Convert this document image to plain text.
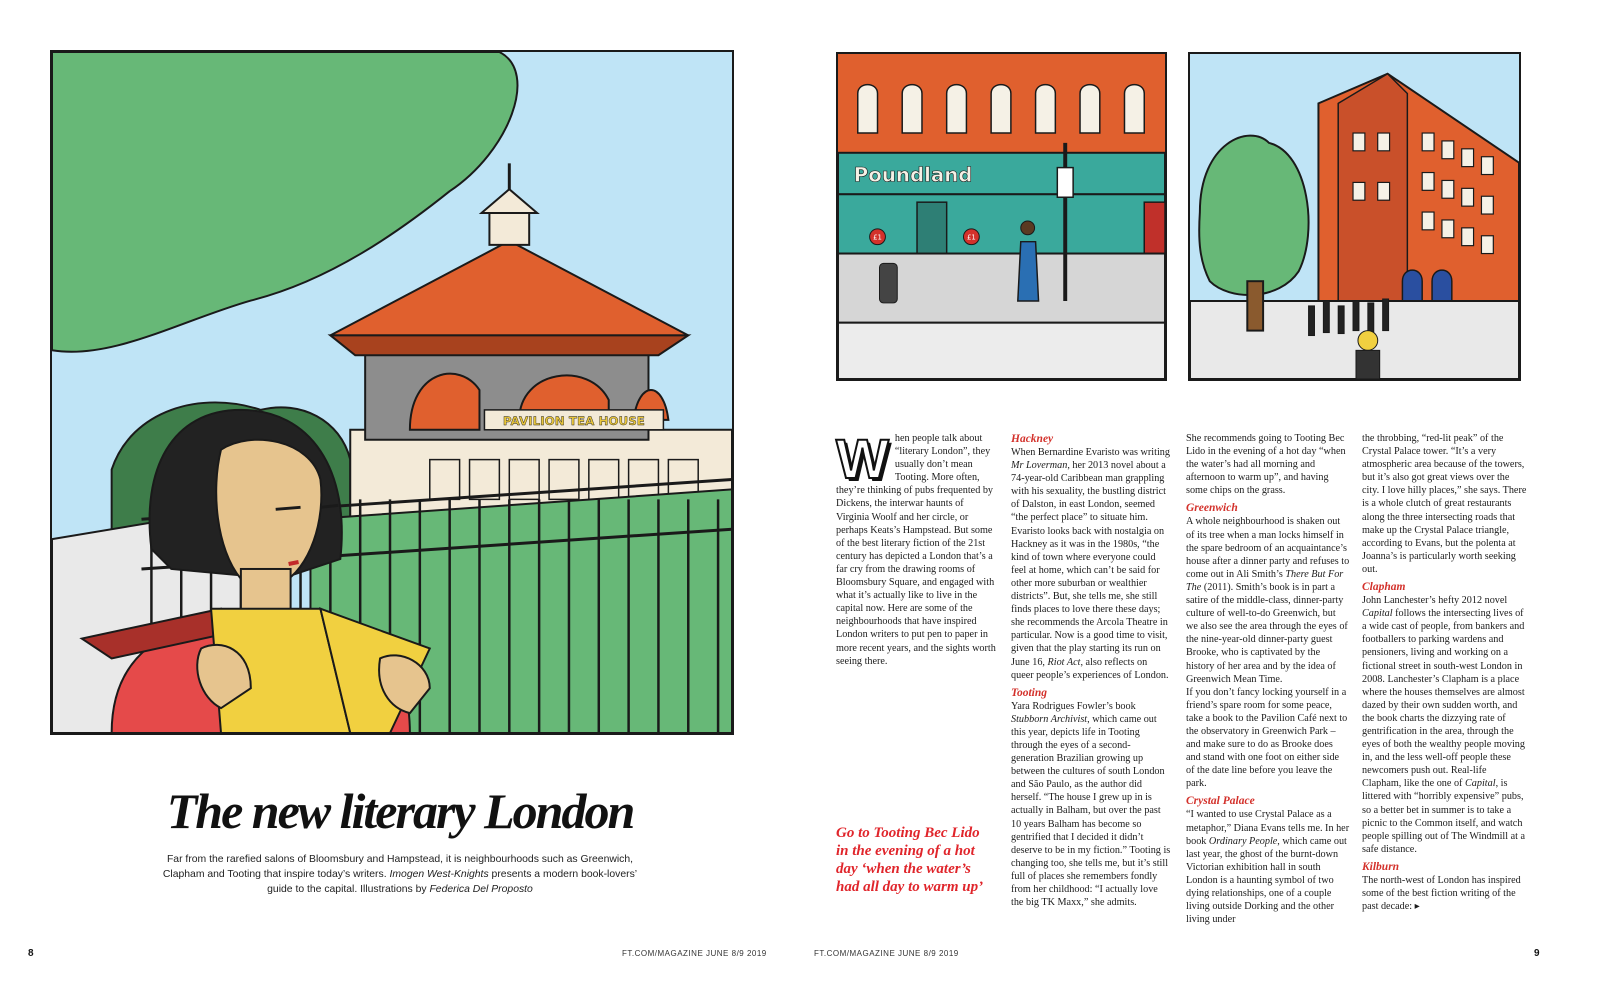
PAVILION TEA HOUSE
The new literary London

Far from the rarefied salons of Bloomsbury and Hampstead, it is neighbourhoods such as Greenwich, Clapham and Tooting that inspire today’s writers. Imogen West-Knights presents a modern book-lovers’ guide to the capital. Illustrations by Federica Del Proposto

8	FT.COM/MAGAZINE JUNE 8/9 2019
Poundland
£1	£1

When people talk about “literary London”, they usually don’t mean Tooting. More often, they’re thinking of pubs frequented by Dickens, the interwar haunts of Virginia Woolf and her circle, or perhaps Keats’s Hampstead. But some of the best literary fiction of the 21st century has depicted a London that’s a far cry from the drawing rooms of Bloomsbury Square, and engaged with what it’s actually like to live in the capital now. Here are some of the neighbourhoods that have inspired London writers to put pen to paper in more recent years, and the sights worth seeing there.

Hackney

When Bernardine Evaristo was writing Mr Loverman, her 2013 novel about a 74-year-old Caribbean man grappling with his sexuality, the bustling district of Dalston, in east London, seemed “the perfect place” to situate him. Evaristo looks back with nostalgia on Hackney as it was in the 1980s, “the kind of town where everyone could feel at home, which can’t be said for other more suburban or wealthier districts”. But, she tells me, she still finds places to love there these days; she recommends the Arcola Theatre in particular. Now is a good time to visit, given that the play starting its run on June 16, Riot Act, also reflects on queer people’s experiences of London.

Tooting

Yara Rodrigues Fowler’s book Stubborn Archivist, which came out this year, depicts life in Tooting through the eyes of a second-generation Brazilian growing up between the cultures of south London and São Paulo, as the author did herself. “The house I grew up in is actually in Balham, but over the past 10 years Balham has become so gentrified that I decided it didn’t deserve to be in my fiction.” Tooting is changing too, she tells me, but it’s still full of places she remembers fondly from her childhood: “I actually love the big TK Maxx,” she admits.

She recommends going to Tooting Bec Lido in the evening of a hot day “when the water’s had all morning and afternoon to warm up”, and having some chips on the grass.

Greenwich

A whole neighbourhood is shaken out of its tree when a man locks himself in the spare bedroom of an acquaintance’s house after a dinner party and refuses to come out in Ali Smith’s There But For The (2011). Smith’s book is in part a satire of the middle-class, dinner-party culture of well-to-do Greenwich, but we also see the area through the eyes of the nine-year-old dinner-party guest Brooke, who is captivated by the history of her area and by the idea of Greenwich Mean Time.

If you don’t fancy locking yourself in a friend’s spare room for some peace, take a book to the Pavilion Café next to the observatory in Greenwich Park – and make sure to do as Brooke does and stand with one foot on either side of the date line before you leave the park.

Crystal Palace

“I wanted to use Crystal Palace as a metaphor,” Diana Evans tells me. In her book Ordinary People, which came out last year, the ghost of the burnt-down Victorian exhibition hall in south London is a haunting symbol of two dying relationships, one of a couple living outside Dorking and the other living under

the throbbing, “red-lit peak” of the Crystal Palace tower. “It’s a very atmospheric area because of the towers, but it’s also got great views over the city. I love hilly places,” she says. There is a whole clutch of great restaurants along the three intersecting roads that make up the Crystal Palace triangle, according to Evans, but the polenta at Joanna’s is particularly worth seeking out.

Clapham

John Lanchester’s hefty 2012 novel Capital follows the intersecting lives of a wide cast of people, from bankers and footballers to parking wardens and pensioners, living and working on a fictional street in south-west London in 2008. Lanchester’s Clapham is a place where the houses themselves are almost dazed by their own sudden worth, and the book charts the dizzying rate of gentrification in the area, through the eyes of both the wealthy people moving in, and the less well-off people these newcomers push out. Real-life Clapham, like the one of Capital, is littered with “horribly expensive” pubs, so a better bet in summer is to take a picnic to the Common itself, and watch people spilling out of The Windmill at a safe distance.

Kilburn

The north-west of London has inspired some of the best fiction writing of the past decade: ▸

Go to Tooting Bec Lido in the evening of a hot day ‘when the water’s had all day to warm up’

FT.COM/MAGAZINE JUNE 8/9 2019	9
